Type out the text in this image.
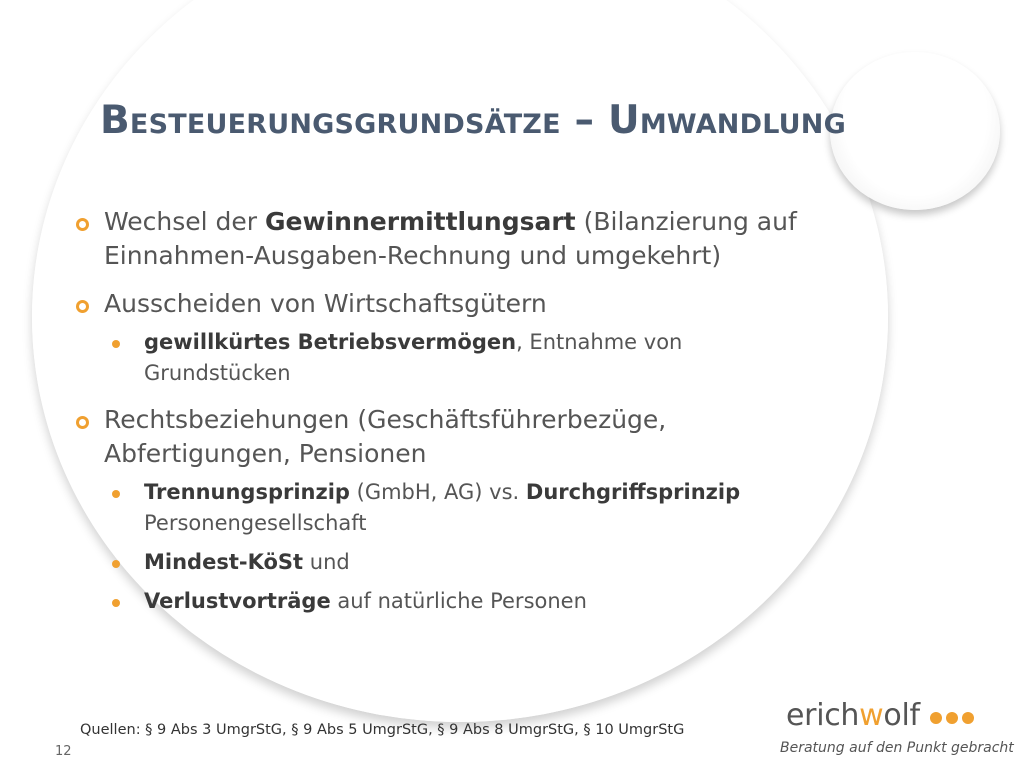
Besteuerungsgrundsätze – Umwandlung

Wechsel der Gewinnermittlungsart (Bilanzierung auf Einnahmen-Ausgaben-Rechnung und umgekehrt)

Ausscheiden von Wirtschaftsgütern

gewillkürtes Betriebsvermögen, Entnahme von Grundstücken

Rechtsbeziehungen (Geschäftsführerbezüge, Abfertigungen, Pensionen

Trennungsprinzip (GmbH, AG) vs. Durchgriffsprinzip Personengesellschaft

Mindest-KöSt und

Verlustvorträge auf natürliche Personen

Quellen: § 9 Abs 3 UmgrStG, § 9 Abs 5 UmgrStG, § 9 Abs 8 UmgrStG, § 10 UmgrStG
12
erichwolf
Beratung auf den Punkt gebracht
